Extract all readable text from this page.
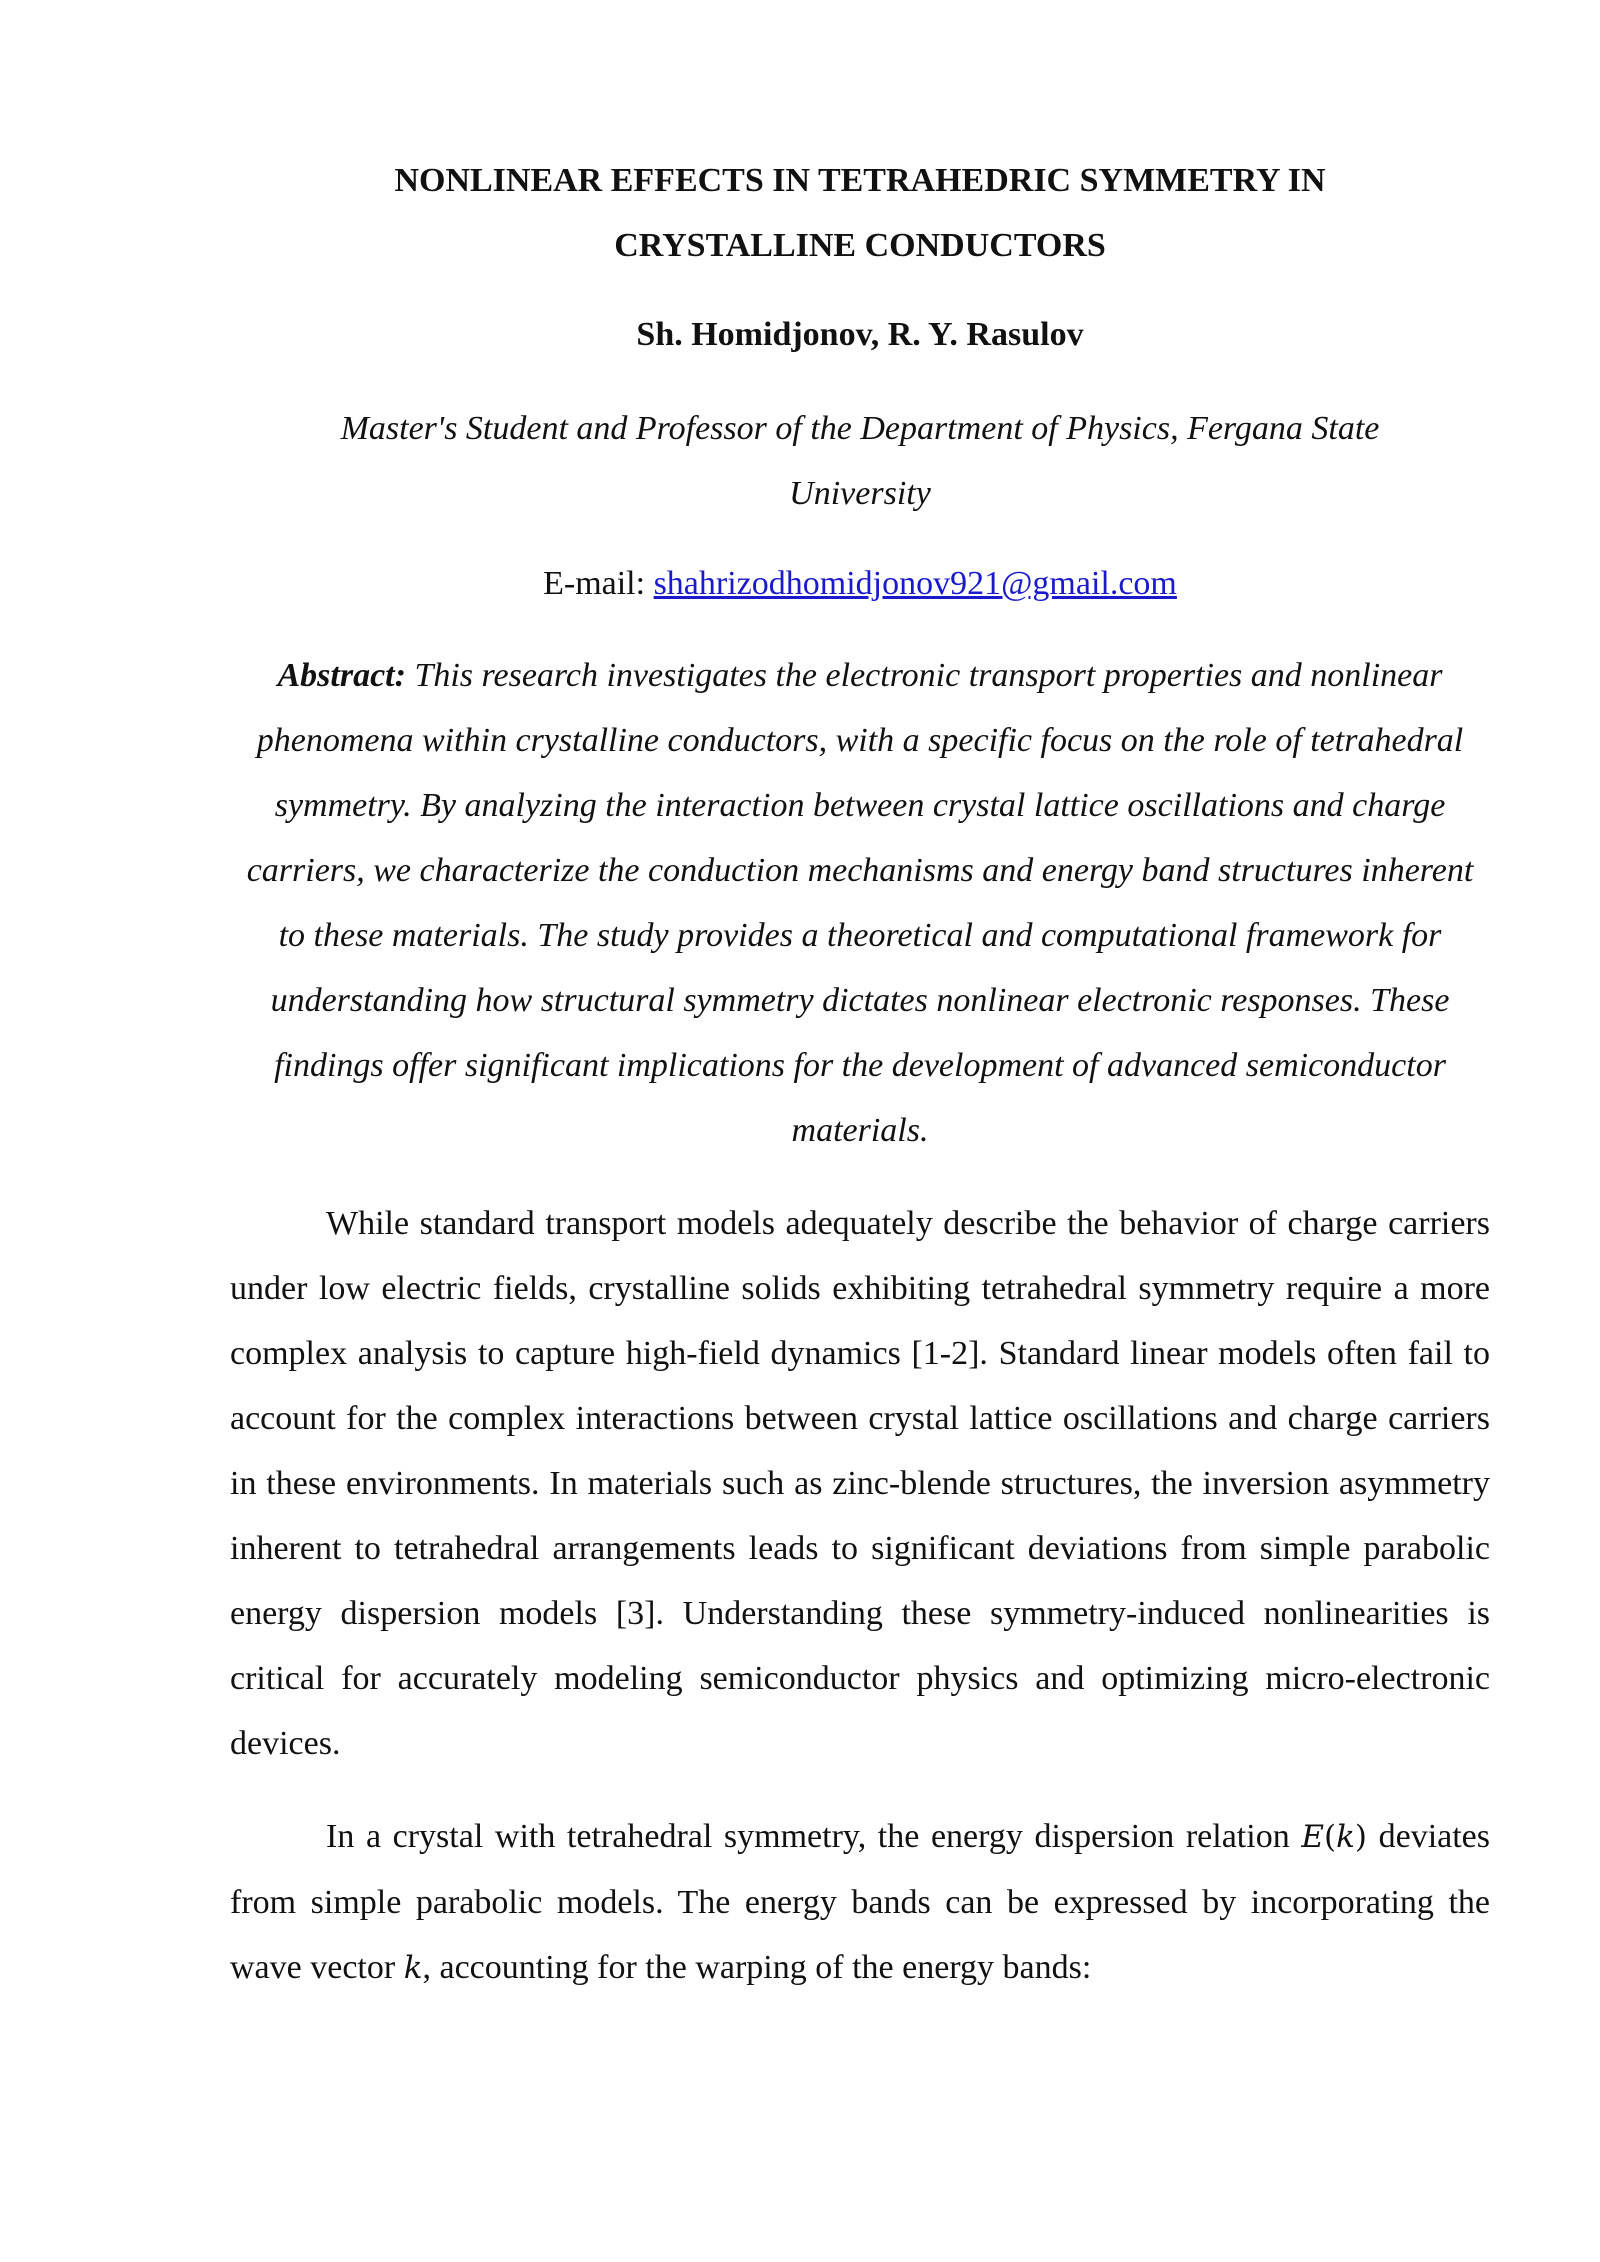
NONLINEAR EFFECTS IN TETRAHEDRIC SYMMETRY IN
CRYSTALLINE CONDUCTORS
Sh. Homidjonov, R. Y. Rasulov
Master's Student and Professor of the Department of Physics, Fergana State
University
E-mail: shahrizodhomidjonov921@gmail.com
Abstract: This research investigates the electronic transport properties and nonlinear phenomena within crystalline conductors, with a specific focus on the role of tetrahedral symmetry. By analyzing the interaction between crystal lattice oscillations and charge carriers, we characterize the conduction mechanisms and energy band structures inherent to these materials. The study provides a theoretical and computational framework for understanding how structural symmetry dictates nonlinear electronic responses. These findings offer significant implications for the development of advanced semiconductor materials.
While standard transport models adequately describe the behavior of charge carriers under low electric fields, crystalline solids exhibiting tetrahedral symmetry require a more complex analysis to capture high-field dynamics [1-2]. Standard linear models often fail to account for the complex interactions between crystal lattice oscillations and charge carriers in these environments. In materials such as zinc-blende structures, the inversion asymmetry inherent to tetrahedral arrangements leads to significant deviations from simple parabolic energy dispersion models [3]. Understanding these symmetry-induced nonlinearities is critical for accurately modeling semiconductor physics and optimizing micro-electronic devices.
In a crystal with tetrahedral symmetry, the energy dispersion relation E(k) deviates from simple parabolic models. The energy bands can be expressed by incorporating the wave vector k, accounting for the warping of the energy bands:
